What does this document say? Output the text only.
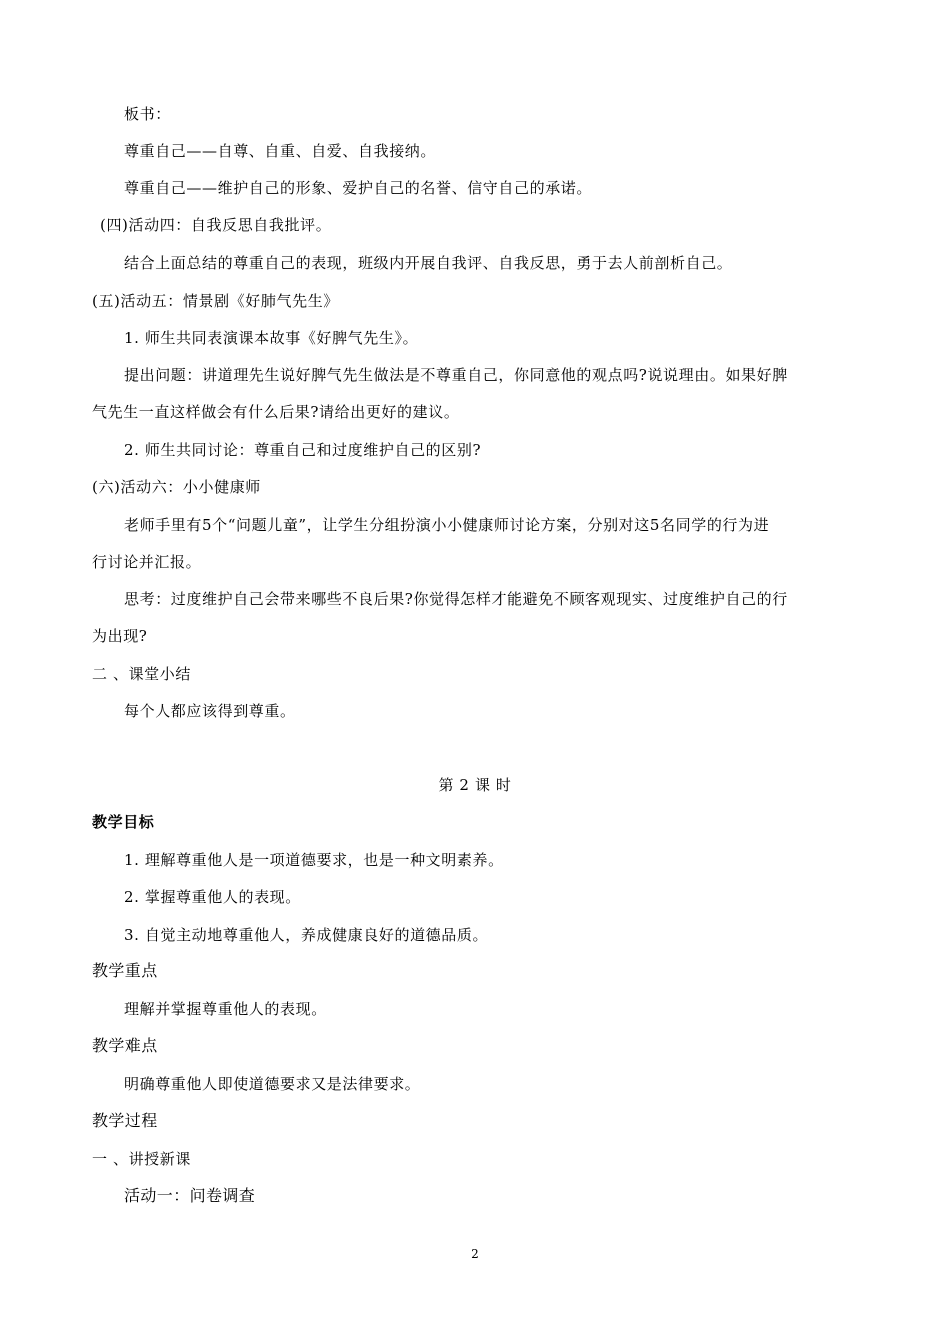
板书：
尊重自己——自尊、自重、自爱、自我接纳。
尊重自己——维护自己的形象、爱护自己的名誉、信守自己的承诺。
(四)活动四：自我反思自我批评。
结合上面总结的尊重自己的表现，班级内开展自我评、自我反思，勇于去人前剖析自己。
(五)活动五：情景剧《好肺气先生》
1. 师生共同表演课本故事《好脾气先生》。
提出问题：讲道理先生说好脾气先生做法是不尊重自己，你同意他的观点吗?说说理由。如果好脾
气先生一直这样做会有什么后果?请给出更好的建议。
2. 师生共同讨论：尊重自己和过度维护自己的区别?
(六)活动六：小小健康师
老师手里有5个“问题儿童”，让学生分组扮演小小健康师讨论方案，分别对这5名同学的行为进
行讨论并汇报。
思考：过度维护自己会带来哪些不良后果?你觉得怎样才能避免不顾客观现实、过度维护自己的行
为出现?
二 、课堂小结
每个人都应该得到尊重。
第 2 课 时
教学目标
1. 理解尊重他人是一项道德要求，也是一种文明素养。
2. 掌握尊重他人的表现。
3. 自觉主动地尊重他人，养成健康良好的道德品质。
教学重点
理解并掌握尊重他人的表现。
教学难点
明确尊重他人即使道德要求又是法律要求。
教学过程
一 、讲授新课
活动一：问卷调查
2
